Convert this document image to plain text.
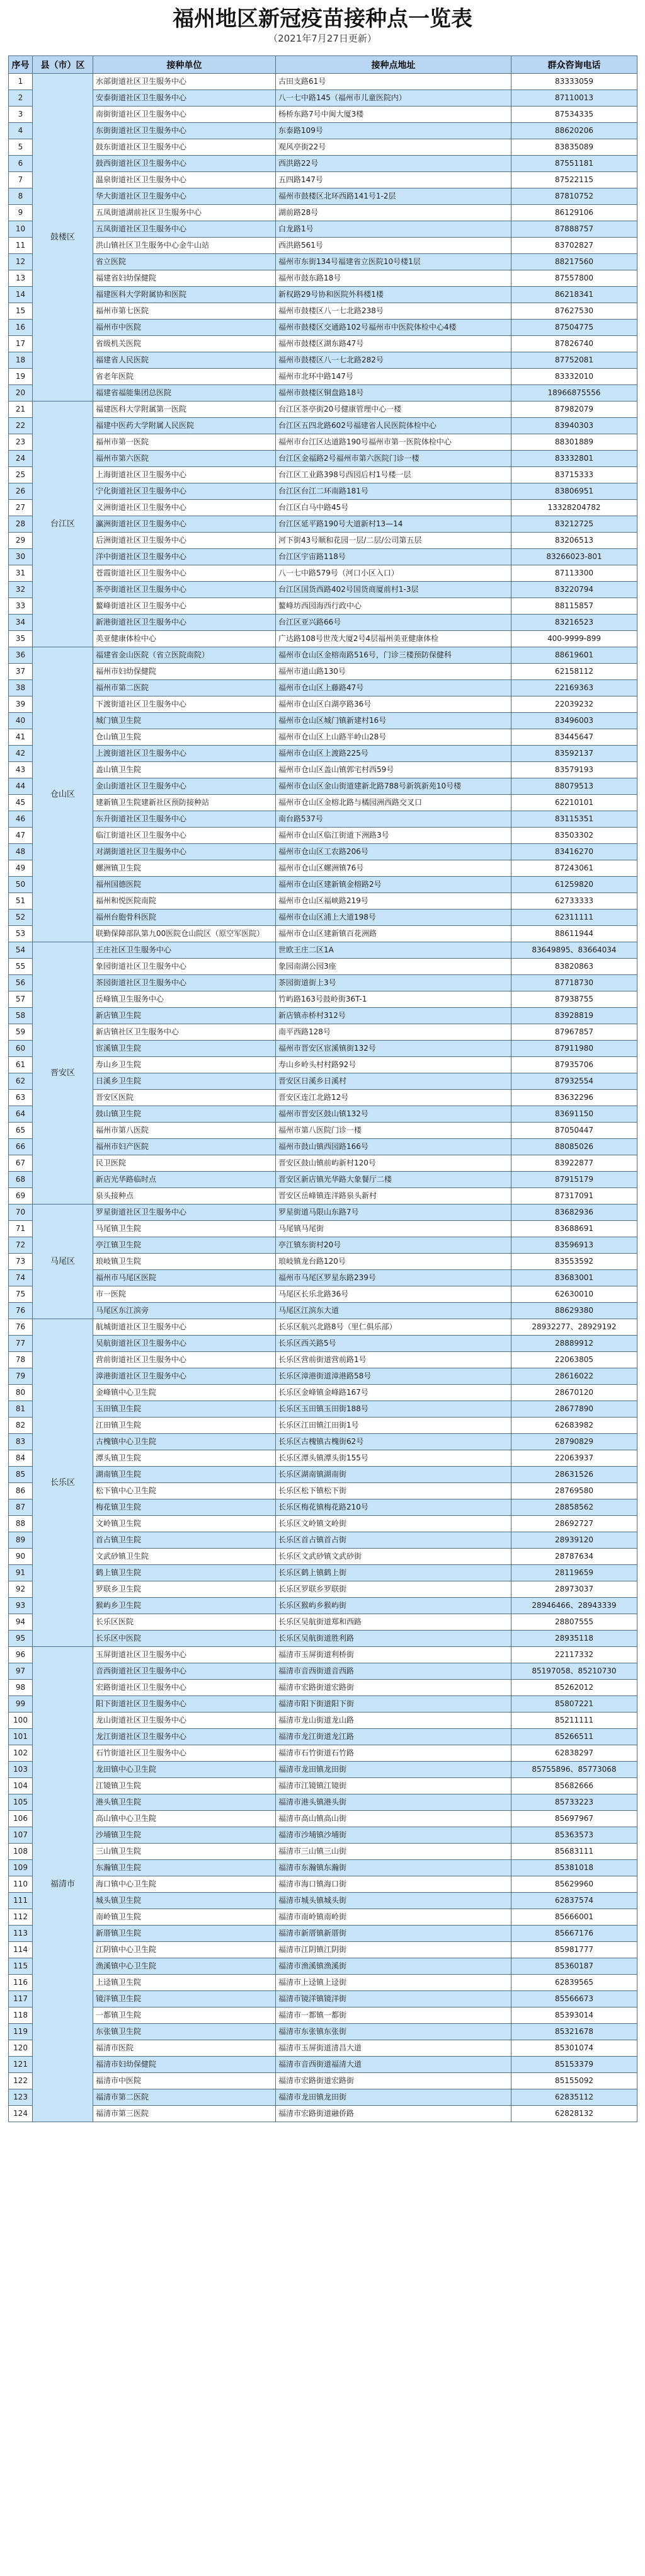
福州地区新冠疫苗接种点一览表
（2021年7月27日更新）
序号	县（市）区	接种单位	接种点地址	群众咨询电话
1	鼓楼区	水部街道社区卫生服务中心	古田支路61号	83333059
2		安泰街道社区卫生服务中心	八一七中路145（福州市儿童医院内）	87110013
3		南街街道社区卫生服务中心	杨桥东路7号中闽大厦3楼	87534335
4		东街街道社区卫生服务中心	东泰路109号	88620206
5		鼓东街道社区卫生服务中心	观风亭街22号	83835089
6		鼓西街道社区卫生服务中心	西洪路22号	87551181
7		温泉街道社区卫生服务中心	五四路147号	87522115
8		华大街道社区卫生服务中心	福州市鼓楼区北环西路141号1-2层	87810752
9		五凤街道湖前社区卫生服务中心	湖前路28号	86129106
10		五凤街道社区卫生服务中心	白龙路1号	87888757
11		洪山镇社区卫生服务中心金牛山站	西洪路561号	83702827
12		省立医院	福州市东街134号福建省立医院10号楼1层	88217560
13		福建省妇幼保健院	福州市鼓东路18号	87557800
14		福建医科大学附属协和医院	新权路29号协和医院外科楼1楼	86218341
15		福州市第七医院	福州市鼓楼区八一七北路238号	87627530
16		福州市中医院	福州市鼓楼区交通路102号福州市中医院体检中心4楼	87504775
17		省级机关医院	福州市鼓楼区湖东路47号	87826740
18		福建省人民医院	福州市鼓楼区八一七北路282号	87752081
19		省老年医院	福州市北环中路147号	83332010
20		福建省福能集团总医院	福州市鼓楼区铜盘路18号	18966875556
21	台江区	福建医科大学附属第一医院	台江区茶亭街20号健康管理中心一楼	87982079
22		福建中医药大学附属人民医院	台江区五四北路602号福建省人民医院体检中心	83940303
23		福州市第一医院	福州市台江区达道路190号福州市第一医院体检中心	88301889
24		福州市第六医院	台江区金福路2号福州市第六医院门诊一楼	83332801
25		上海街道社区卫生服务中心	台江区工业路398号西园后村1号楼一层	83715333
26		宁化街道社区卫生服务中心	台江区台江二环南路181号	83806951
27		义洲街道社区卫生服务中心	台江区白马中路45号	13328204782
28		瀛洲街道社区卫生服务中心	台江区延平路190号大道新村13—14	83212725
29		后洲街道社区卫生服务中心	河下街43号顺和花园一层/二层/公司第五层	83206513
30		洋中街道社区卫生服务中心	台江区宇宙路118号	83266023-801
31		苍霞街道社区卫生服务中心	八一七中路579号（河口小区入口）	87113300
32		茶亭街道社区卫生服务中心	台江区国货西路402号国货商厦前村1-3层	83220794
33		鳌峰街道社区卫生服务中心	鳌峰坊西园海西行政中心	88115857
34		新港街道社区卫生服务中心	台江区亚兴路66号	83216523
35		美亚健康体检中心	广达路108号世茂大厦2号4层福州美亚健康体检	400-9999-899
36	仓山区	福建省金山医院（省立医院南院）	福州市仓山区金榕南路516号，门诊三楼预防保健科	88619601
37		福州市妇幼保健院	福州市道山路130号	62158112
38		福州市第二医院	福州市仓山区上藤路47号	22169363
39		下渡街道社区卫生服务中心	福州市仓山区白湖亭路36号	22039232
40		城门镇卫生院	福州市仓山区城门镇新建村16号	83496003
41		仓山镇卫生院	福州市仓山区上山路半岭山28号	83445647
42		上渡街道社区卫生服务中心	福州市仓山区上渡路225号	83592137
43		盖山镇卫生院	福州市仓山区盖山镇郭宅村西59号	83579193
44		金山街道社区卫生服务中心	福州市仓山区金山街道建新北路788号新筑新苑10号楼	88079513
45		建新镇卫生院建新社区预防接种站	福州市仓山区金榕北路与橘园洲西路交叉口	62210101
46		东升街道社区卫生服务中心	南台路537号	83115351
47		临江街道社区卫生服务中心	福州市仓山区临江街道下洲路3号	83503302
48		对湖街道社区卫生服务中心	福州市仓山区工农路206号	83416270
49		螺洲镇卫生院	福州市仓山区螺洲镇76号	87243061
50		福州国德医院	福州市仓山区建新镇金榕路2号	61259820
51		福州和悦医院南院	福州市仓山区福峡路219号	62733333
52		福州台胞骨科医院	福州市仓山区浦上大道198号	62311111
53		联勤保障部队第九00医院仓山院区（原空军医院）	福州市仓山区建新镇百花洲路	88611944
54	晋安区	王庄社区卫生服务中心	世欧王庄二区1A	83649895、83664034
55		象园街道社区卫生服务中心	象园南湖公园3座	83820863
56		茶园街道社区卫生服务中心	茶园街道街上3号	87718730
57		岳峰镇卫生服务中心	竹屿路163号鼓岭街36T-1	87938755
58		新店镇卫生院	新店镇赤桥村312号	83928819
59		新店镇社区卫生服务中心	南平西路128号	87967857
60		宦溪镇卫生院	福州市晋安区宦溪镇街132号	87911980
61		寿山乡卫生院	寿山乡岭头村村路92号	87935706
62		日溪乡卫生院	晋安区日溪乡日溪村	87932554
63		晋安区医院	晋安区连江北路12号	83632296
64		鼓山镇卫生院	福州市晋安区鼓山镇132号	83691150
65		福州市第八医院	福州市第八医院门诊一楼	87050447
66		福州市妇产医院	福州市鼓山镇西园路166号	88085026
67		民卫医院	晋安区鼓山镇前屿新村120号	83922877
68		新店光华路临时点	晋安区新店镇光华路大象餐厅二楼	87915179
69		泉头接种点	晋安区岳峰镇连洋路泉头新村	87317091
70	马尾区	罗星街道社区卫生服务中心	罗星街道马限山东路7号	83682936
71		马尾镇卫生院	马尾镇马尾街	83688691
72		亭江镇卫生院	亭江镇东街村20号	83596913
73		琅岐镇卫生院	琅岐镇龙台路120号	83553592
74		福州市马尾区医院	福州市马尾区罗星东路239号	83683001
75		市一医院	马尾区长乐北路36号	62630010
76		马尾区东江滨旁	马尾区江滨东大道	88629380
76	长乐区	航城街道社区卫生服务中心	长乐区航兴北路8号（里仁俱乐部）	28932277、28929192
77		吴航街道社区卫生服务中心	长乐区西关路5号	28889912
78		营前街道社区卫生服务中心	长乐区营前街道营前路1号	22063805
79		漳港街道社区卫生服务中心	长乐区漳港街道漳港路58号	28616022
80		金峰镇中心卫生院	长乐区金峰镇金峰路167号	28670120
81		玉田镇卫生院	长乐区玉田镇玉田街188号	28677890
82		江田镇卫生院	长乐区江田镇江田街1号	62683982
83		古槐镇中心卫生院	长乐区古槐镇古槐街62号	28790829
84		潭头镇卫生院	长乐区潭头镇潭头街155号	22063937
85		湖南镇卫生院	长乐区湖南镇湖南街	28631526
86		松下镇中心卫生院	长乐区松下镇松下街	28769580
87		梅花镇卫生院	长乐区梅花镇梅花路210号	28858562
88		文岭镇卫生院	长乐区文岭镇文岭街	28692727
89		首占镇卫生院	长乐区首占镇首占街	28939120
90		文武砂镇卫生院	长乐区文武砂镇文武砂街	28787634
91		鹤上镇卫生院	长乐区鹤上镇鹤上街	28119659
92		罗联乡卫生院	长乐区罗联乡罗联街	28973037
93		猴屿乡卫生院	长乐区猴屿乡猴屿街	28946466、28943339
94		长乐区医院	长乐区吴航街道郑和西路	28807555
95		长乐区中医院	长乐区吴航街道胜利路	28935118
96	福清市	玉屏街道社区卫生服务中心	福清市玉屏街道利桥街	22117332
97		音西街道社区卫生服务中心	福清市音西街道音西路	85197058、85210730
98		宏路街道社区卫生服务中心	福清市宏路街道宏路街	85262012
99		阳下街道社区卫生服务中心	福清市阳下街道阳下街	85807221
100		龙山街道社区卫生服务中心	福清市龙山街道龙山路	85211111
101		龙江街道社区卫生服务中心	福清市龙江街道龙江路	85266511
102		石竹街道社区卫生服务中心	福清市石竹街道石竹路	62838297
103		龙田镇中心卫生院	福清市龙田镇龙田街	85755896、85773068
104		江镜镇卫生院	福清市江镜镇江镜街	85682666
105		港头镇卫生院	福清市港头镇港头街	85733223
106		高山镇中心卫生院	福清市高山镇高山街	85697967
107		沙埔镇卫生院	福清市沙埔镇沙埔街	85363573
108		三山镇卫生院	福清市三山镇三山街	85683111
109		东瀚镇卫生院	福清市东瀚镇东瀚街	85381018
110		海口镇中心卫生院	福清市海口镇海口街	85629960
111		城头镇卫生院	福清市城头镇城头街	62837574
112		南岭镇卫生院	福清市南岭镇南岭街	85666001
113		新厝镇卫生院	福清市新厝镇新厝街	85667176
114		江阴镇中心卫生院	福清市江阴镇江阴街	85981777
115		渔溪镇中心卫生院	福清市渔溪镇渔溪街	85360187
116		上迳镇卫生院	福清市上迳镇上迳街	62839565
117		镜洋镇卫生院	福清市镜洋镇镜洋街	85566673
118		一都镇卫生院	福清市一都镇一都街	85393014
119		东张镇卫生院	福清市东张镇东张街	85321678
120		福清市医院	福清市玉屏街道清昌大道	85301074
121		福清市妇幼保健院	福清市音西街道福清大道	85153379
122		福清市中医院	福清市宏路街道宏路街	85155092
123		福清市第二医院	福清市龙田镇龙田街	62835112
124		福清市第三医院	福清市宏路街道融侨路	62828132
